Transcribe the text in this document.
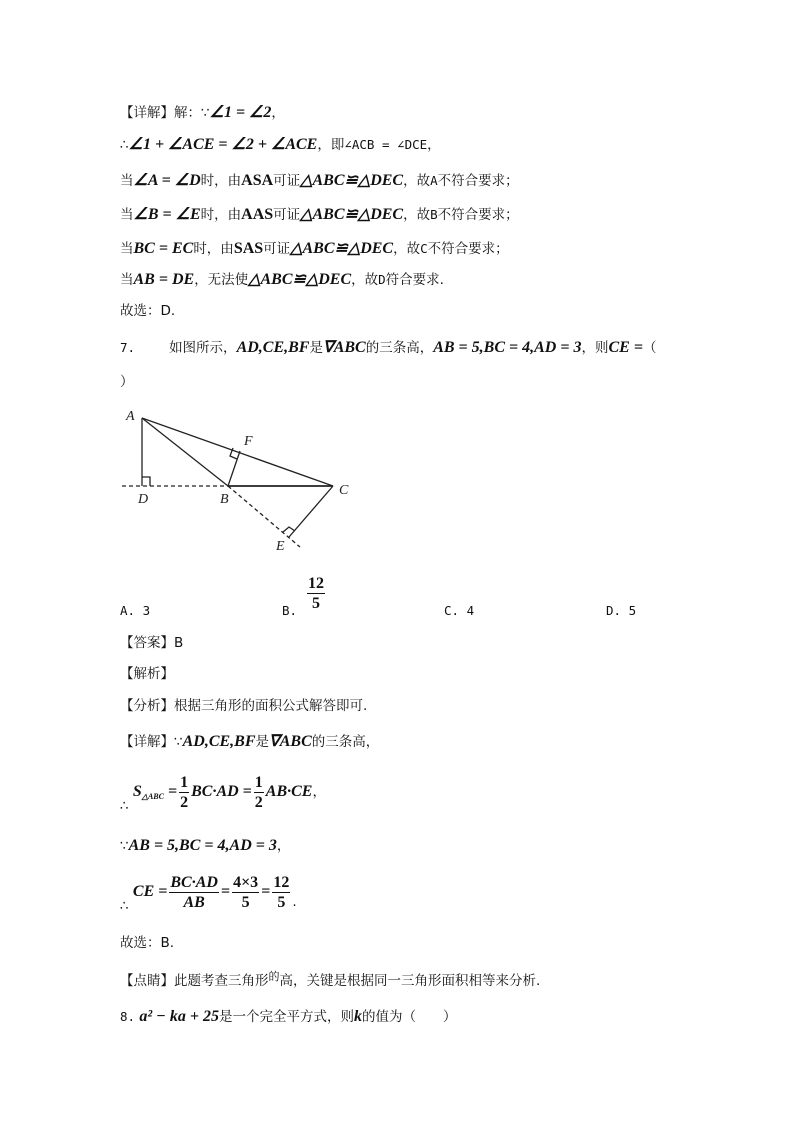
【详解】解：∵∠1 = ∠2，
∴∠1 + ∠ACE = ∠2 + ∠ACE，即∠ACB = ∠DCE，
当∠A = ∠D时，由ASA可证△ABC≌△DEC，故A不符合要求；
当∠B = ∠E时，由AAS可证△ABC≌△DEC，故B不符合要求；
当BC = EC时，由SAS可证△ABC≌△DEC，故C不符合要求；
当AB = DE，无法使△ABC≌△DEC，故D符合要求.
故选：D.
7.	如图所示，AD,CE,BF是∇ABC的三条高，AB = 5,BC = 4,AD = 3，则CE =（
）
A
F
D	B
C
E
A. 3	B. $\frac{12}{5}$	C. 4	D. 5
【答案】B
【解析】
【分析】根据三角形的面积公式解答即可.
【详解】∵AD,CE,BF是∇ABC的三条高，
∴ $S_{\triangle ABC} = \frac{1}{2} BC\cdot AD = \frac{1}{2} AB\cdot CE$，
∵AB = 5,BC = 4,AD = 3，
∴ CE = $\frac{BC\cdot AD}{AB} = \frac{4\times 3}{5} = \frac{12}{5}$ .
故选：B.
【点睛】此题考查三角形$^的$高，关键是根据同一三角形面积相等来分析.
8. a² − ka + 25是一个完全平方式，则k的值为（　　）
